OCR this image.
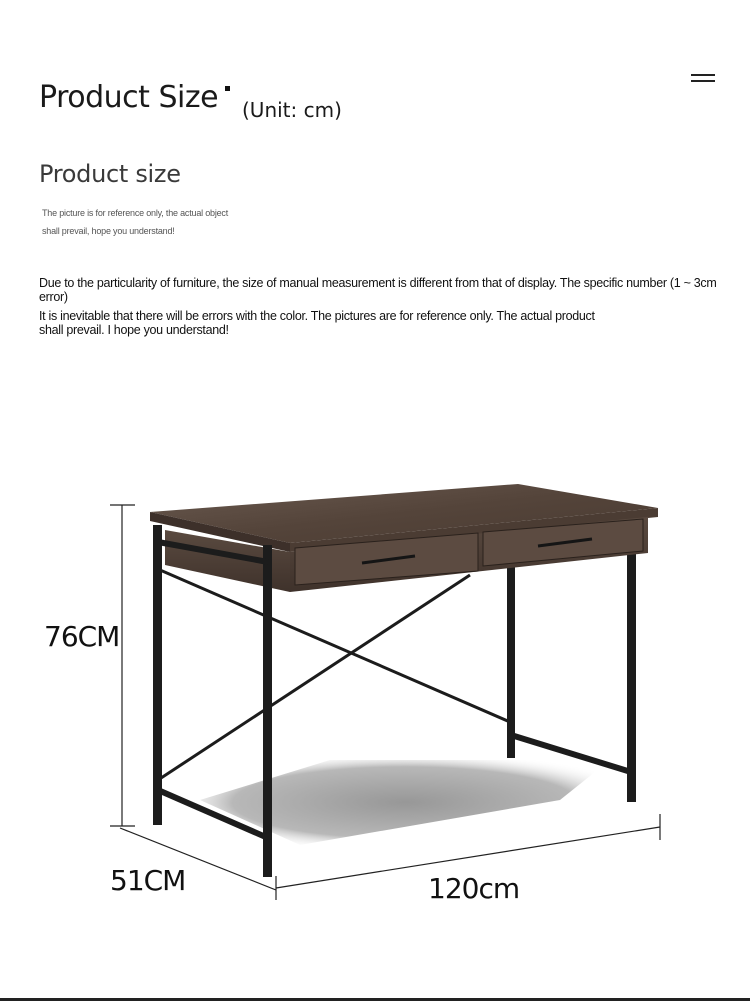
Product Size (Unit: cm)
Product size
The picture is for reference only, the actual object
shall prevail, hope you understand!
Due to the particularity of furniture, the size of manual measurement is different from that of display. The specific number (1 ~ 3cm error)
It is inevitable that there will be errors with the color. The pictures are for reference only. The actual product shall prevail. I hope you understand!
76CM
51CM	120cm
